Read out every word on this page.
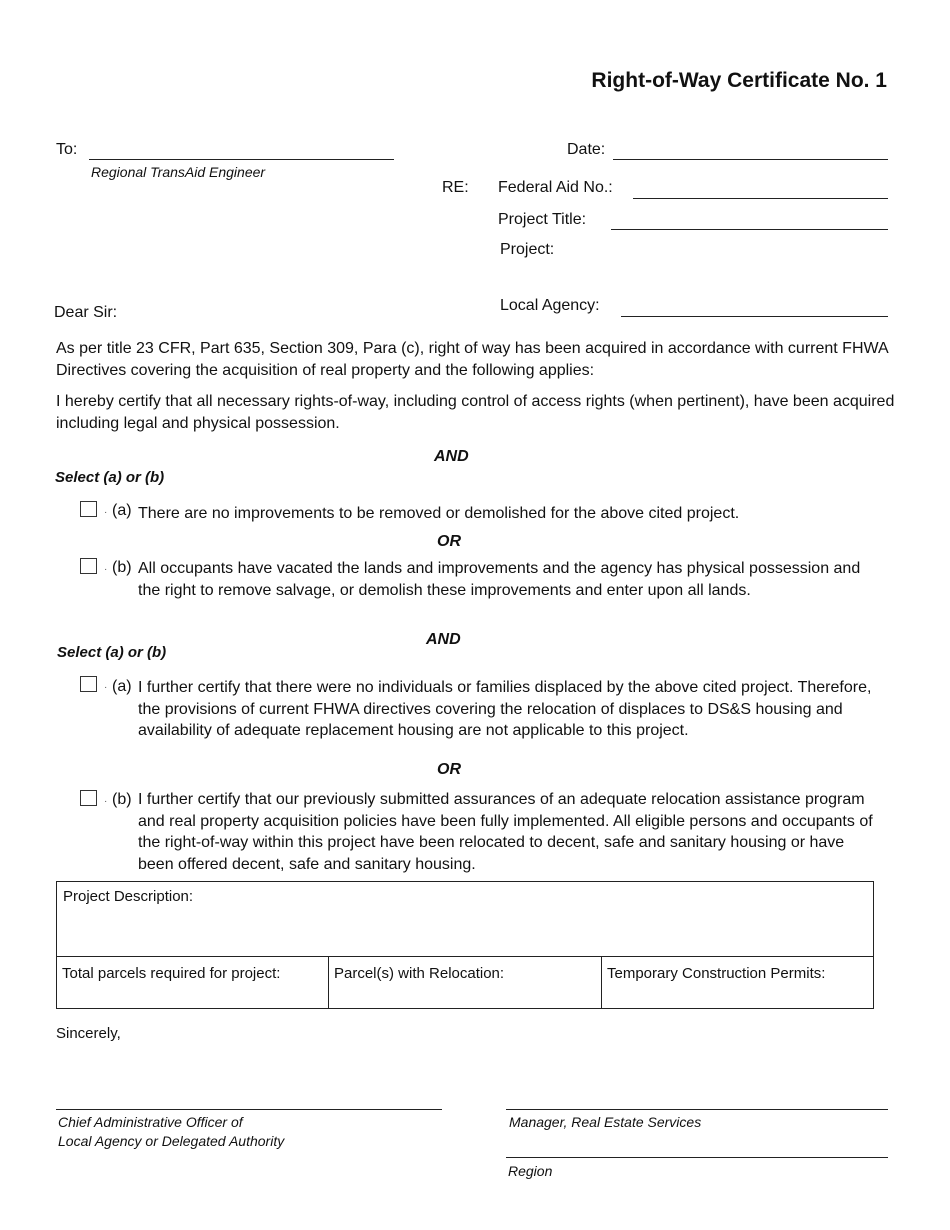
Right-of-Way Certificate No. 1
To:
Regional TransAid Engineer
Date:
RE: Federal Aid No.:
Project Title:
Project:
Local Agency:
Dear Sir:
As per title 23 CFR, Part 635, Section 309, Para (c), right of way has been acquired in accordance with current FHWA Directives covering the acquisition of real property and the following applies:
I hereby certify that all necessary rights-of-way, including control of access rights (when pertinent), have been acquired including legal and physical possession.
AND
Select (a) or (b)
· (a) There are no improvements to be removed or demolished for the above cited project.
OR
· (b) All occupants have vacated the lands and improvements and the agency has physical possession and the right to remove salvage, or demolish these improvements and enter upon all lands.
AND
Select (a) or (b)
· (a) I further certify that there were no individuals or families displaced by the above cited project. Therefore, the provisions of current FHWA directives covering the relocation of displaces to DS&S housing and availability of adequate replacement housing are not applicable to this project.
OR
· (b) I further certify that our previously submitted assurances of an adequate relocation assistance program and real property acquisition policies have been fully implemented. All eligible persons and occupants of the right-of-way within this project have been relocated to decent, safe and sanitary housing or have been offered decent, safe and sanitary housing.
Project Description:
Total parcels required for project:	Parcel(s) with Relocation:	Temporary Construction Permits:
Sincerely,
Chief Administrative Officer of
Local Agency or Delegated Authority
Manager, Real Estate Services
Region
